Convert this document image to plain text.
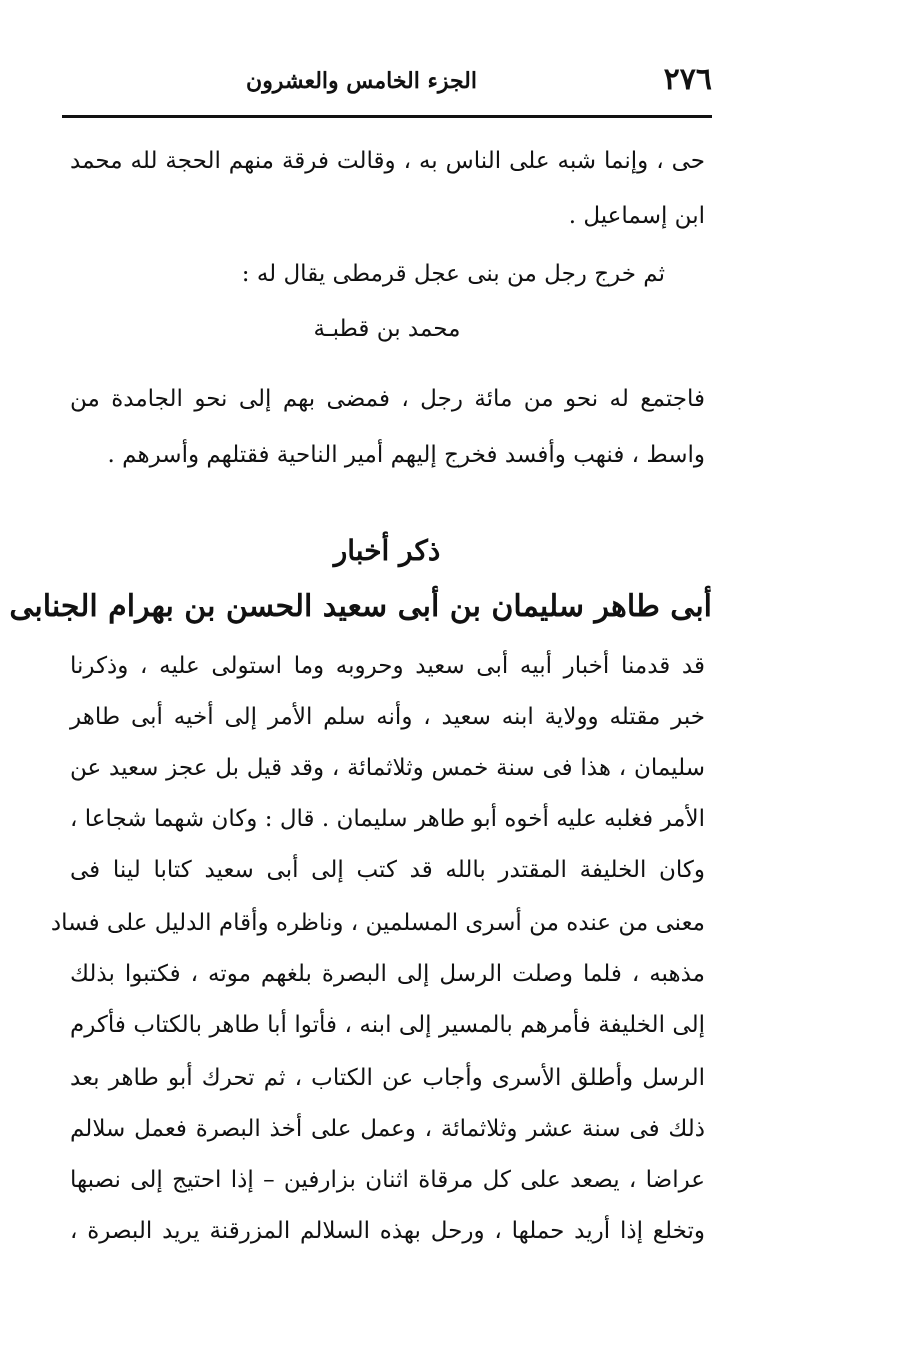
٢٧٦
الجزء الخامس والعشرون
حى ، وإنما شبه على الناس به ، وقالت فرقة منهم الحجة لله محمد
ابن إسماعيل .
ثم خرج رجل من بنى عجل قرمطى يقال له :
محمد بن قطبـة
فاجتمع له نحو من مائة رجل ، فمضى بهم إلى نحو الجامدة من
واسط ، فنهب وأفسد فخرج إليهم أمير الناحية فقتلهم وأسرهم .
ذكر أخبار
أبى طاهر سليمان بن أبى سعيد الحسن بن بهرام الجنابى
قد قدمنا أخبار أبيه أبى سعيد وحروبه وما استولى عليه ، وذكرنا
خبر مقتله وولاية ابنه سعيد ، وأنه سلم الأمر إلى أخيه أبى طاهر
سليمان ، هذا فى سنة خمس وثلاثمائة ، وقد قيل بل عجز سعيد عن
الأمر فغلبه عليه أخوه أبو طاهر سليمان . قال : وكان شهما شجاعا ،
وكان الخليفة المقتدر بالله قد كتب إلى أبى سعيد كتابا لينا فى
معنى من عنده من أسرى المسلمين ، وناظره وأقام الدليل على فساد
مذهبه ، فلما وصلت الرسل إلى البصرة بلغهم موته ، فكتبوا بذلك
إلى الخليفة فأمرهم بالمسير إلى ابنه ، فأتوا أبا طاهر بالكتاب فأكرم
الرسل وأطلق الأسرى وأجاب عن الكتاب ، ثم تحرك أبو طاهر بعد
ذلك فى سنة عشر وثلاثمائة ، وعمل على أخذ البصرة فعمل سلالم
عراضا ، يصعد على كل مرقاة اثنان بزارفين – إذا احتيج إلى نصبها
وتخلع إذا أريد حملها ، ورحل بهذه السلالم المزرقنة يريد البصرة ،
